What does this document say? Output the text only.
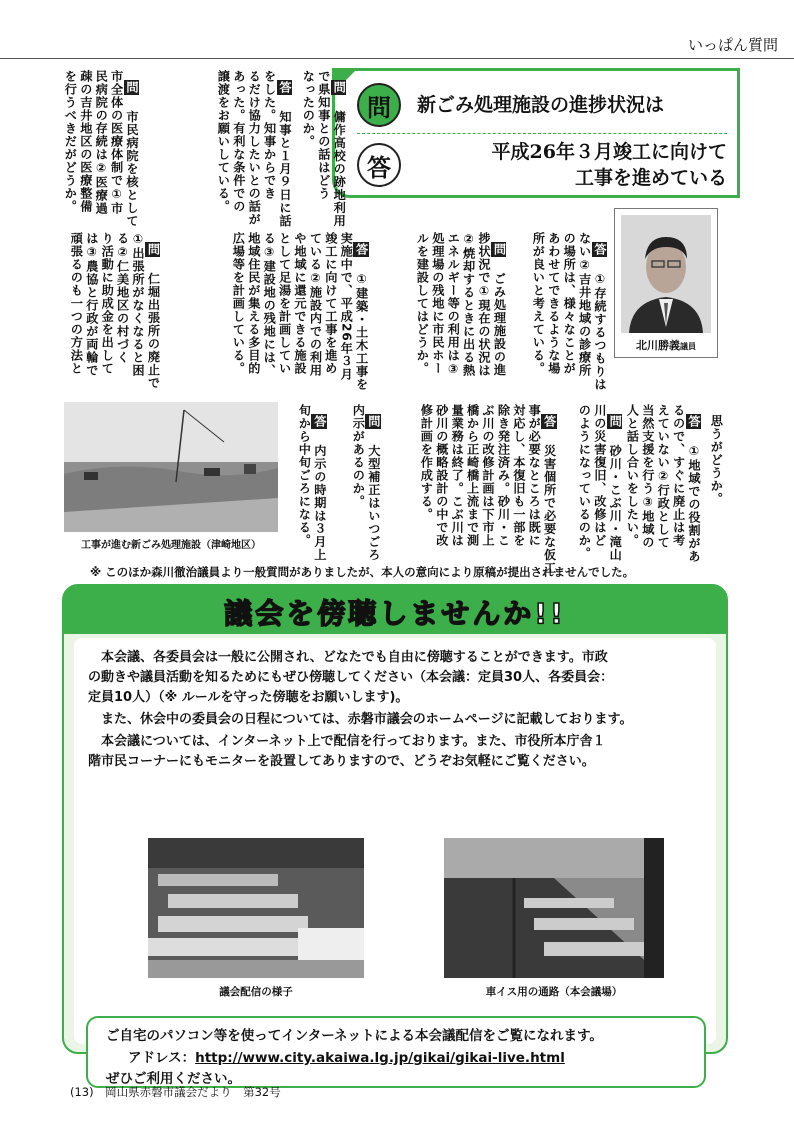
いっぱん質問
問	新ごみ処理施設の進捗状況は
答
平成26年３月竣工に向けて
工事を進めている

問　傭作高校の跡地利用
で県知事との話はどう
なったのか。

答　知事と１月９日に話
をした。知事からでき
るだけ協力したいとの話が
あった。有利な条件での
譲渡をお願いしている。

問　市民病院を核として
市全体の医療体制で①市
民病院の存続は②医療過
疎の吉井地区の医療整備
を行うべきだがどうか。

答　①存続するつもりは
ない②吉井地域の診療所
の場所は、様々なことが
あわせてできるような場
所が良いと考えている。

問　ごみ処理施設の進
捗状況で①現在の状況は
②焼却するときに出る熱
エネルギー等の利用は③
処理場の残地に市民ホー
ルを建設してはどうか。

答　①建築・土木工事を
実施中で、平成26年３月
竣工に向けて工事を進め
ている②施設内での利用
や地域に還元できる施設
として足湯を計画してい
る③建設地の残地には、
地域住民が集える多目的
広場等を計画している。

問　仁堀出張所の廃止で
①出張所がなくなると困
る②仁美地区の村づく
り活動に助成金を出して
は③農協と行政が両輪で
頑張るのも一つの方法と

思うがどうか。

答　①地域での役割があ
るので、すぐに廃止は考
えていない②行政として
当然支援を行う③地域の
人と話し合いをしたい。

問　砂川・こぶ川・滝山
川の災害復旧、改修はど
のようになっているのか。

答　災害個所で必要な仮工
事が必要なところは既に
対応し、本復旧も一部を
除き発注済み。砂川・こ
ぶ川の改修計画は下市上
橋から正崎橋上流まで測
量業務は終了。こぶ川は
砂川の概略設計の中で改
修計画を作成する。

問　大型補正はいつごろ
内示があるのか。

答　内示の時期は３月上
旬から中旬ごろになる。

北川勝義議員
工事が進む新ごみ処理施設（津崎地区）
※ このほか森川徹治議員より一般質問がありましたが、本人の意向により原稿が提出されませんでした。
議会を傍聴しませんか!!
　本会議、各委員会は一般に公開され、どなたでも自由に傍聴することができます。市政
の動きや議員活動を知るためにもぜひ傍聴してください（本会議：定員30人、各委員会：
定員10人）（※ ルールを守った傍聴をお願いします)。
　また、休会中の委員会の日程については、赤磐市議会のホームページに記載しております。
　本会議については、インターネット上で配信を行っております。また、市役所本庁舎１
階市民コーナーにもモニターを設置してありますので、どうぞお気軽にご覧ください。
議会配信の様子	車イス用の通路（本会議場）
ご自宅のパソコン等を使ってインターネットによる本会議配信をご覧になれます。
アドレス：http://www.city.akaiwa.lg.jp/gikai/gikai-live.html
ぜひご利用ください。
(13)　岡山県赤磐市議会だより　第32号
